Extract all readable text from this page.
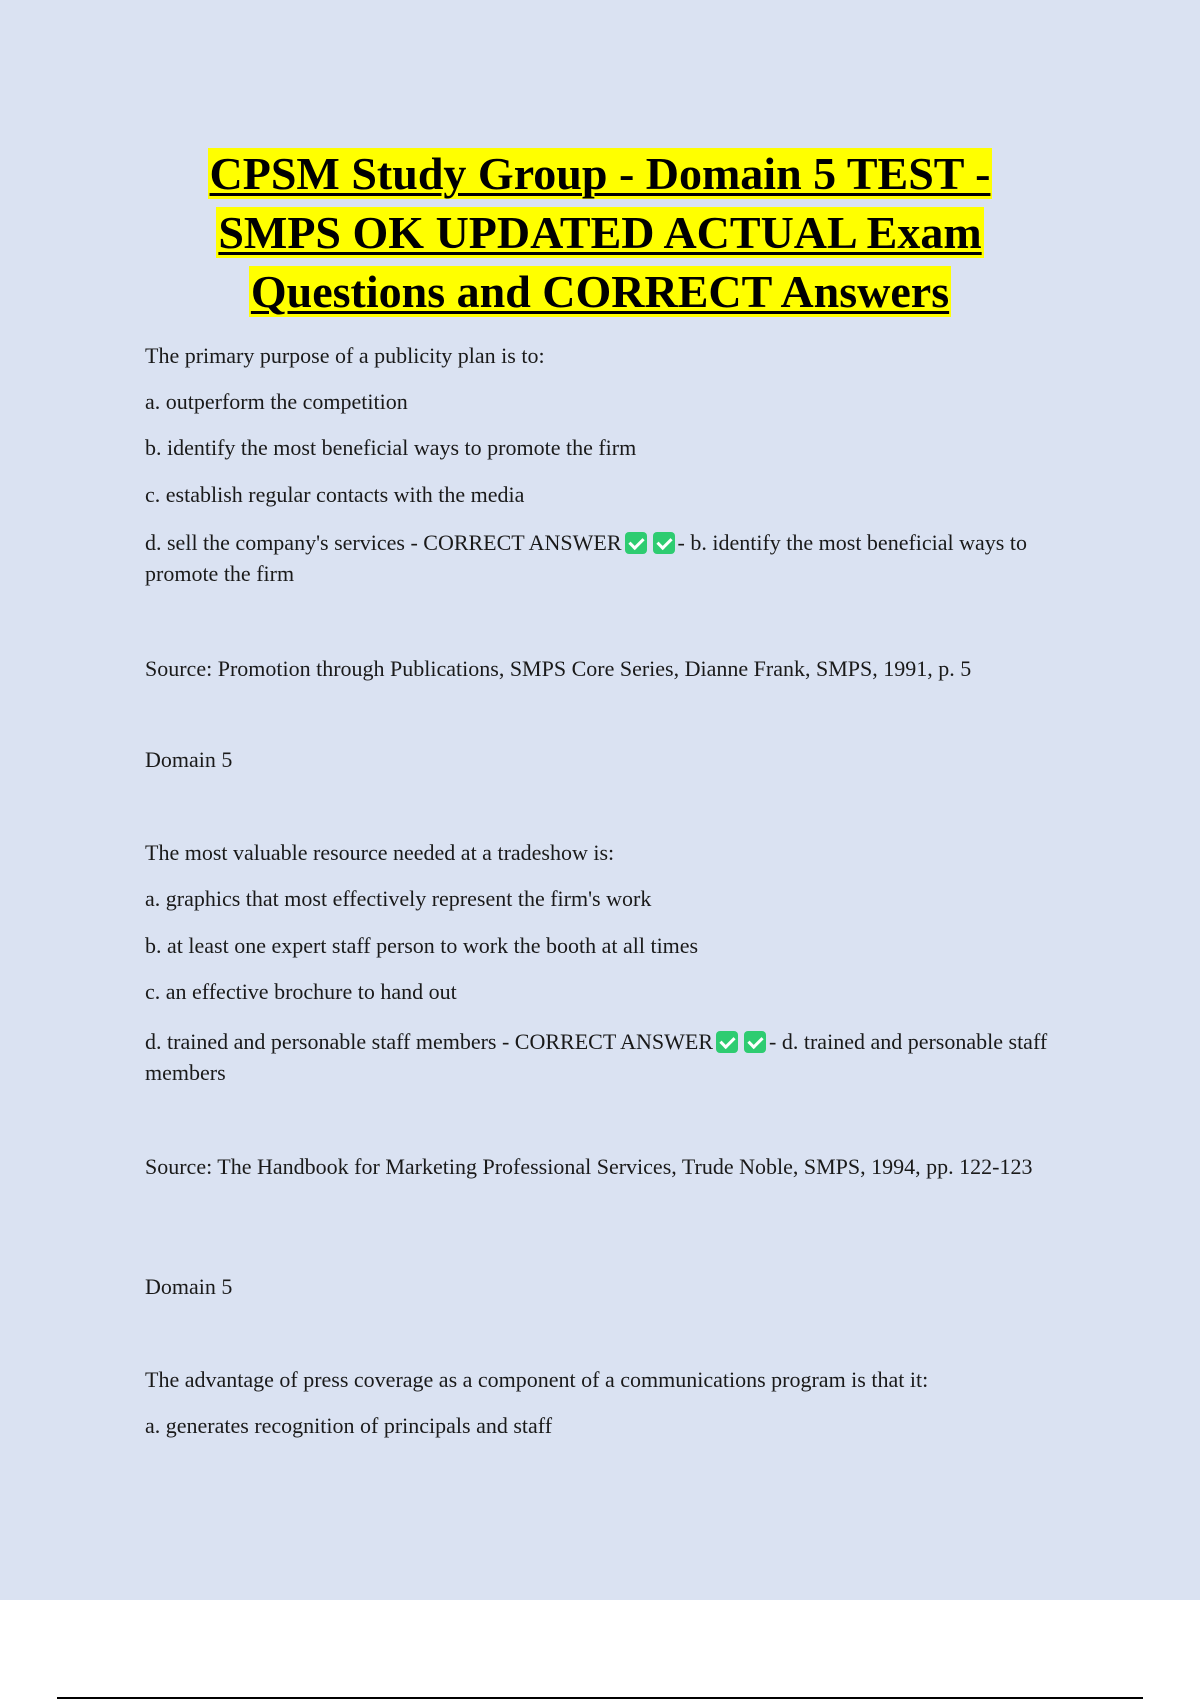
CPSM Study Group - Domain 5 TEST -
SMPS OK UPDATED ACTUAL Exam
Questions and CORRECT Answers
The primary purpose of a publicity plan is to:
a. outperform the competition
b. identify the most beneficial ways to promote the firm
c. establish regular contacts with the media
d. sell the company's services - CORRECT ANSWER	- b. identify the most beneficial ways to promote the firm
Source: Promotion through Publications, SMPS Core Series, Dianne Frank, SMPS, 1991, p. 5
Domain 5
The most valuable resource needed at a tradeshow is:
a. graphics that most effectively represent the firm's work
b. at least one expert staff person to work the booth at all times
c. an effective brochure to hand out
d. trained and personable staff members - CORRECT ANSWER	- d. trained and personable staff members
Source: The Handbook for Marketing Professional Services, Trude Noble, SMPS, 1994, pp. 122-123
Domain 5
The advantage of press coverage as a component of a communications program is that it:
a. generates recognition of principals and staff
